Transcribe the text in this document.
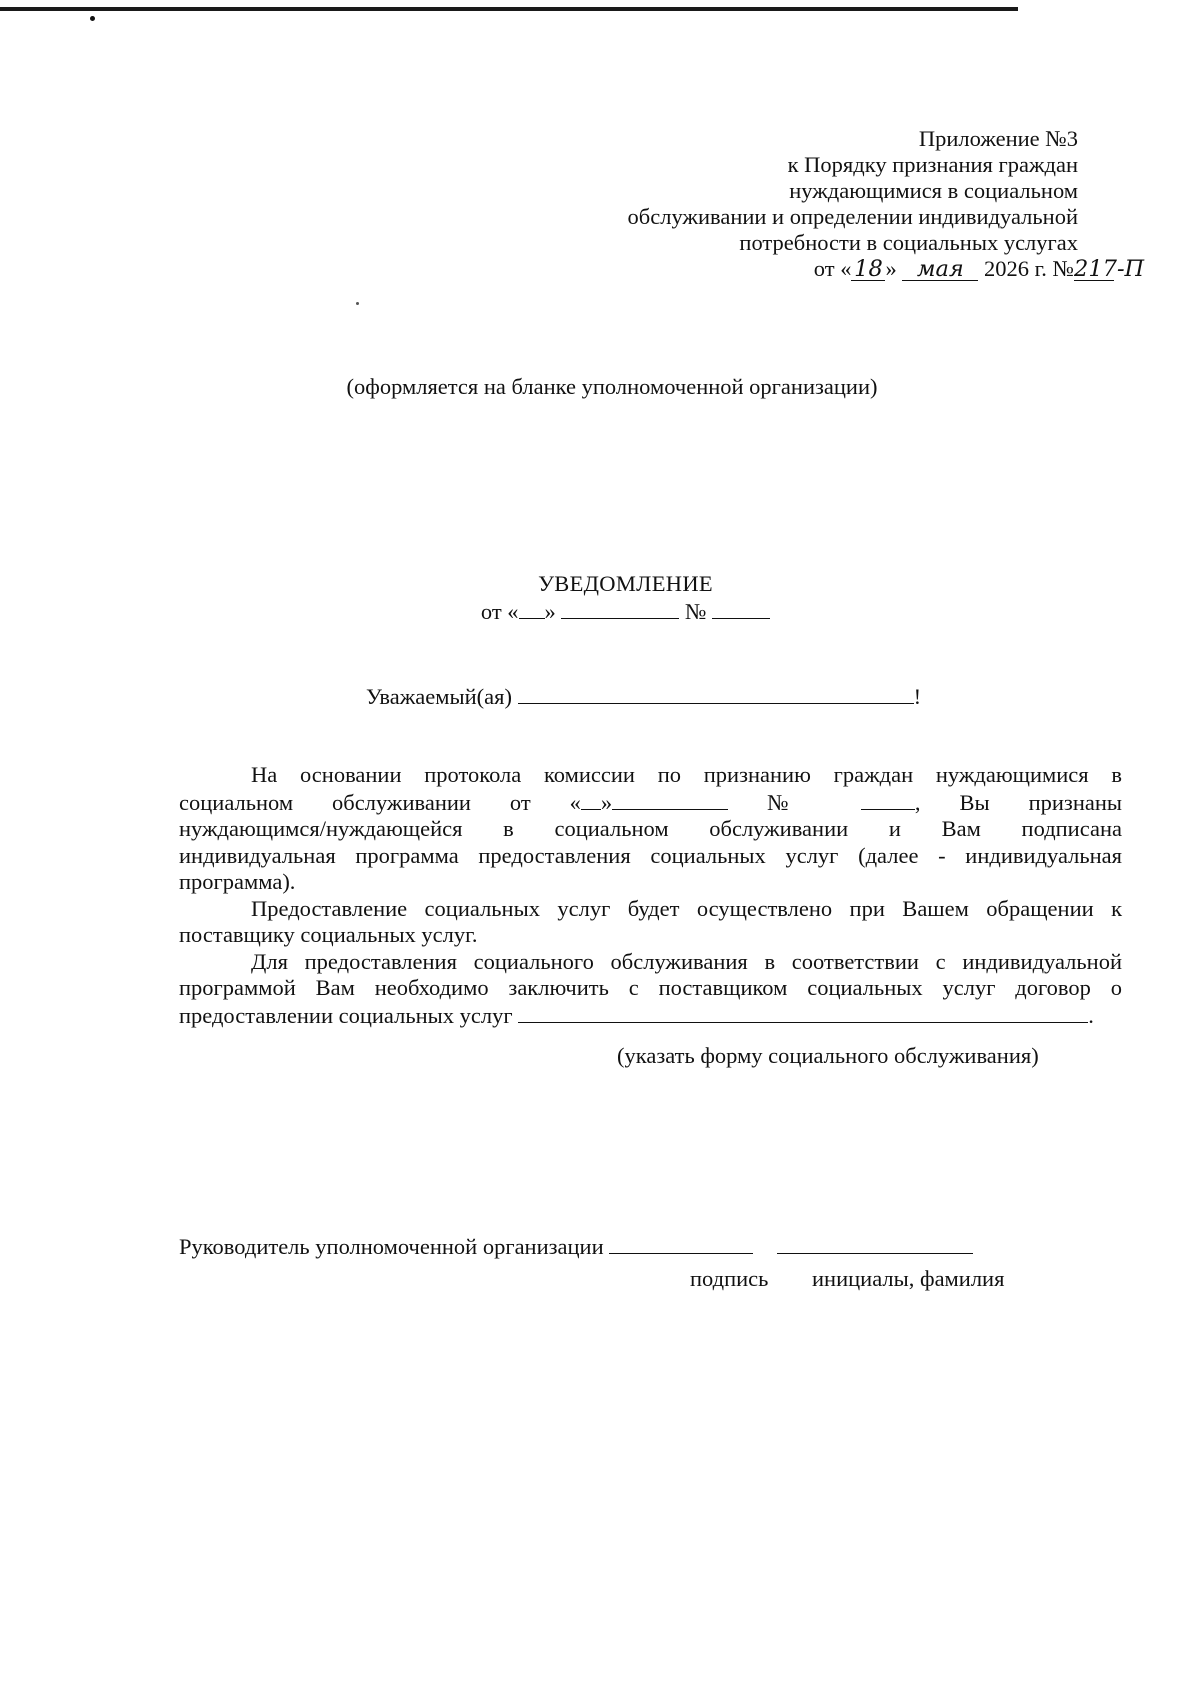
Приложение №3
к Порядку признания граждан
нуждающимися в социальном
обслуживании и определении индивидуальной
потребности в социальных услугах
от « 18 » мая 2026 г. №217-П
(оформляется на бланке уполномоченной организации)
УВЕДОМЛЕНИЕ
от « »	№
Уважаемый(ая)	!
На основании протокола комиссии по признанию граждан нуждающимися в
социальном обслуживании от « »	№	, Вы признаны
нуждающимся/нуждающейся в социальном обслуживании и Вам подписана
индивидуальная программа предоставления социальных услуг (далее - индивидуальная
программа).
Предоставление социальных услуг будет осуществлено при Вашем обращении к
поставщику социальных услуг.
Для предоставления социального обслуживания в соответствии с индивидуальной
программой Вам необходимо заключить с поставщиком социальных услуг договор о
предоставлении социальных услуг	.
(указать форму социального обслуживания)
Руководитель уполномоченной организации
подпись инициалы, фамилия
